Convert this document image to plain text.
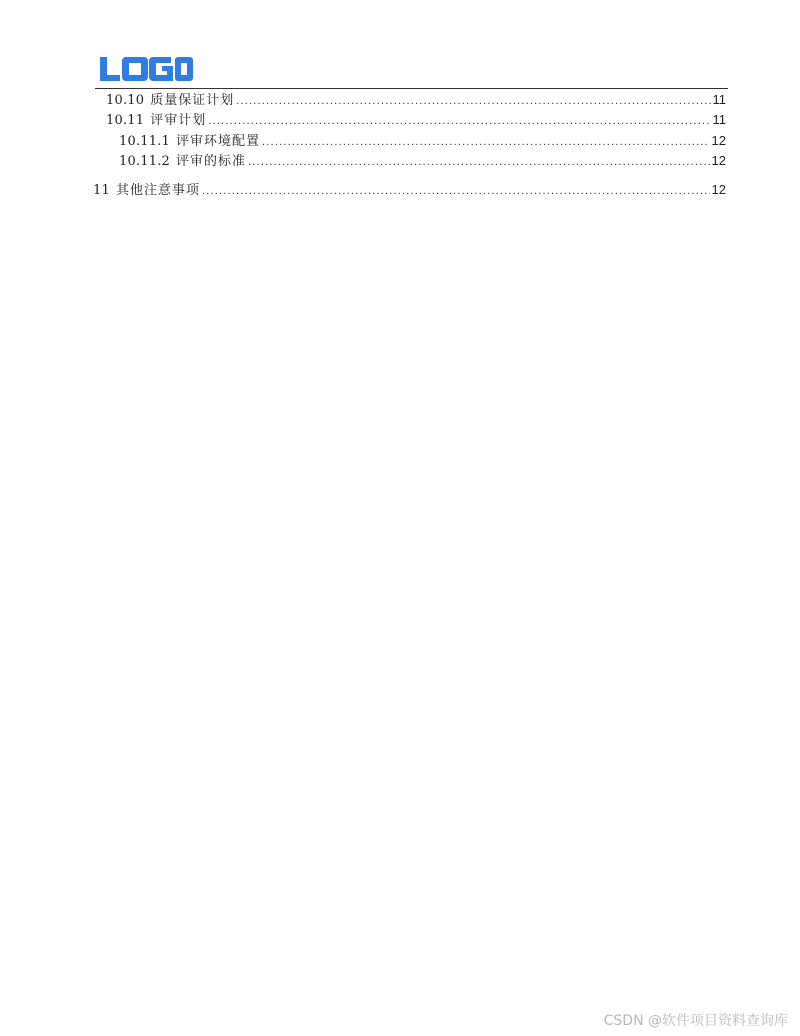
10.10 质量保证计划 .....	11
10.11 评审计划 .....	11
10.11.1 评审环境配置 .....	12
10.11.2 评审的标准 .....	12
11 其他注意事项 .....	12
CSDN @软件项目资料查询库
